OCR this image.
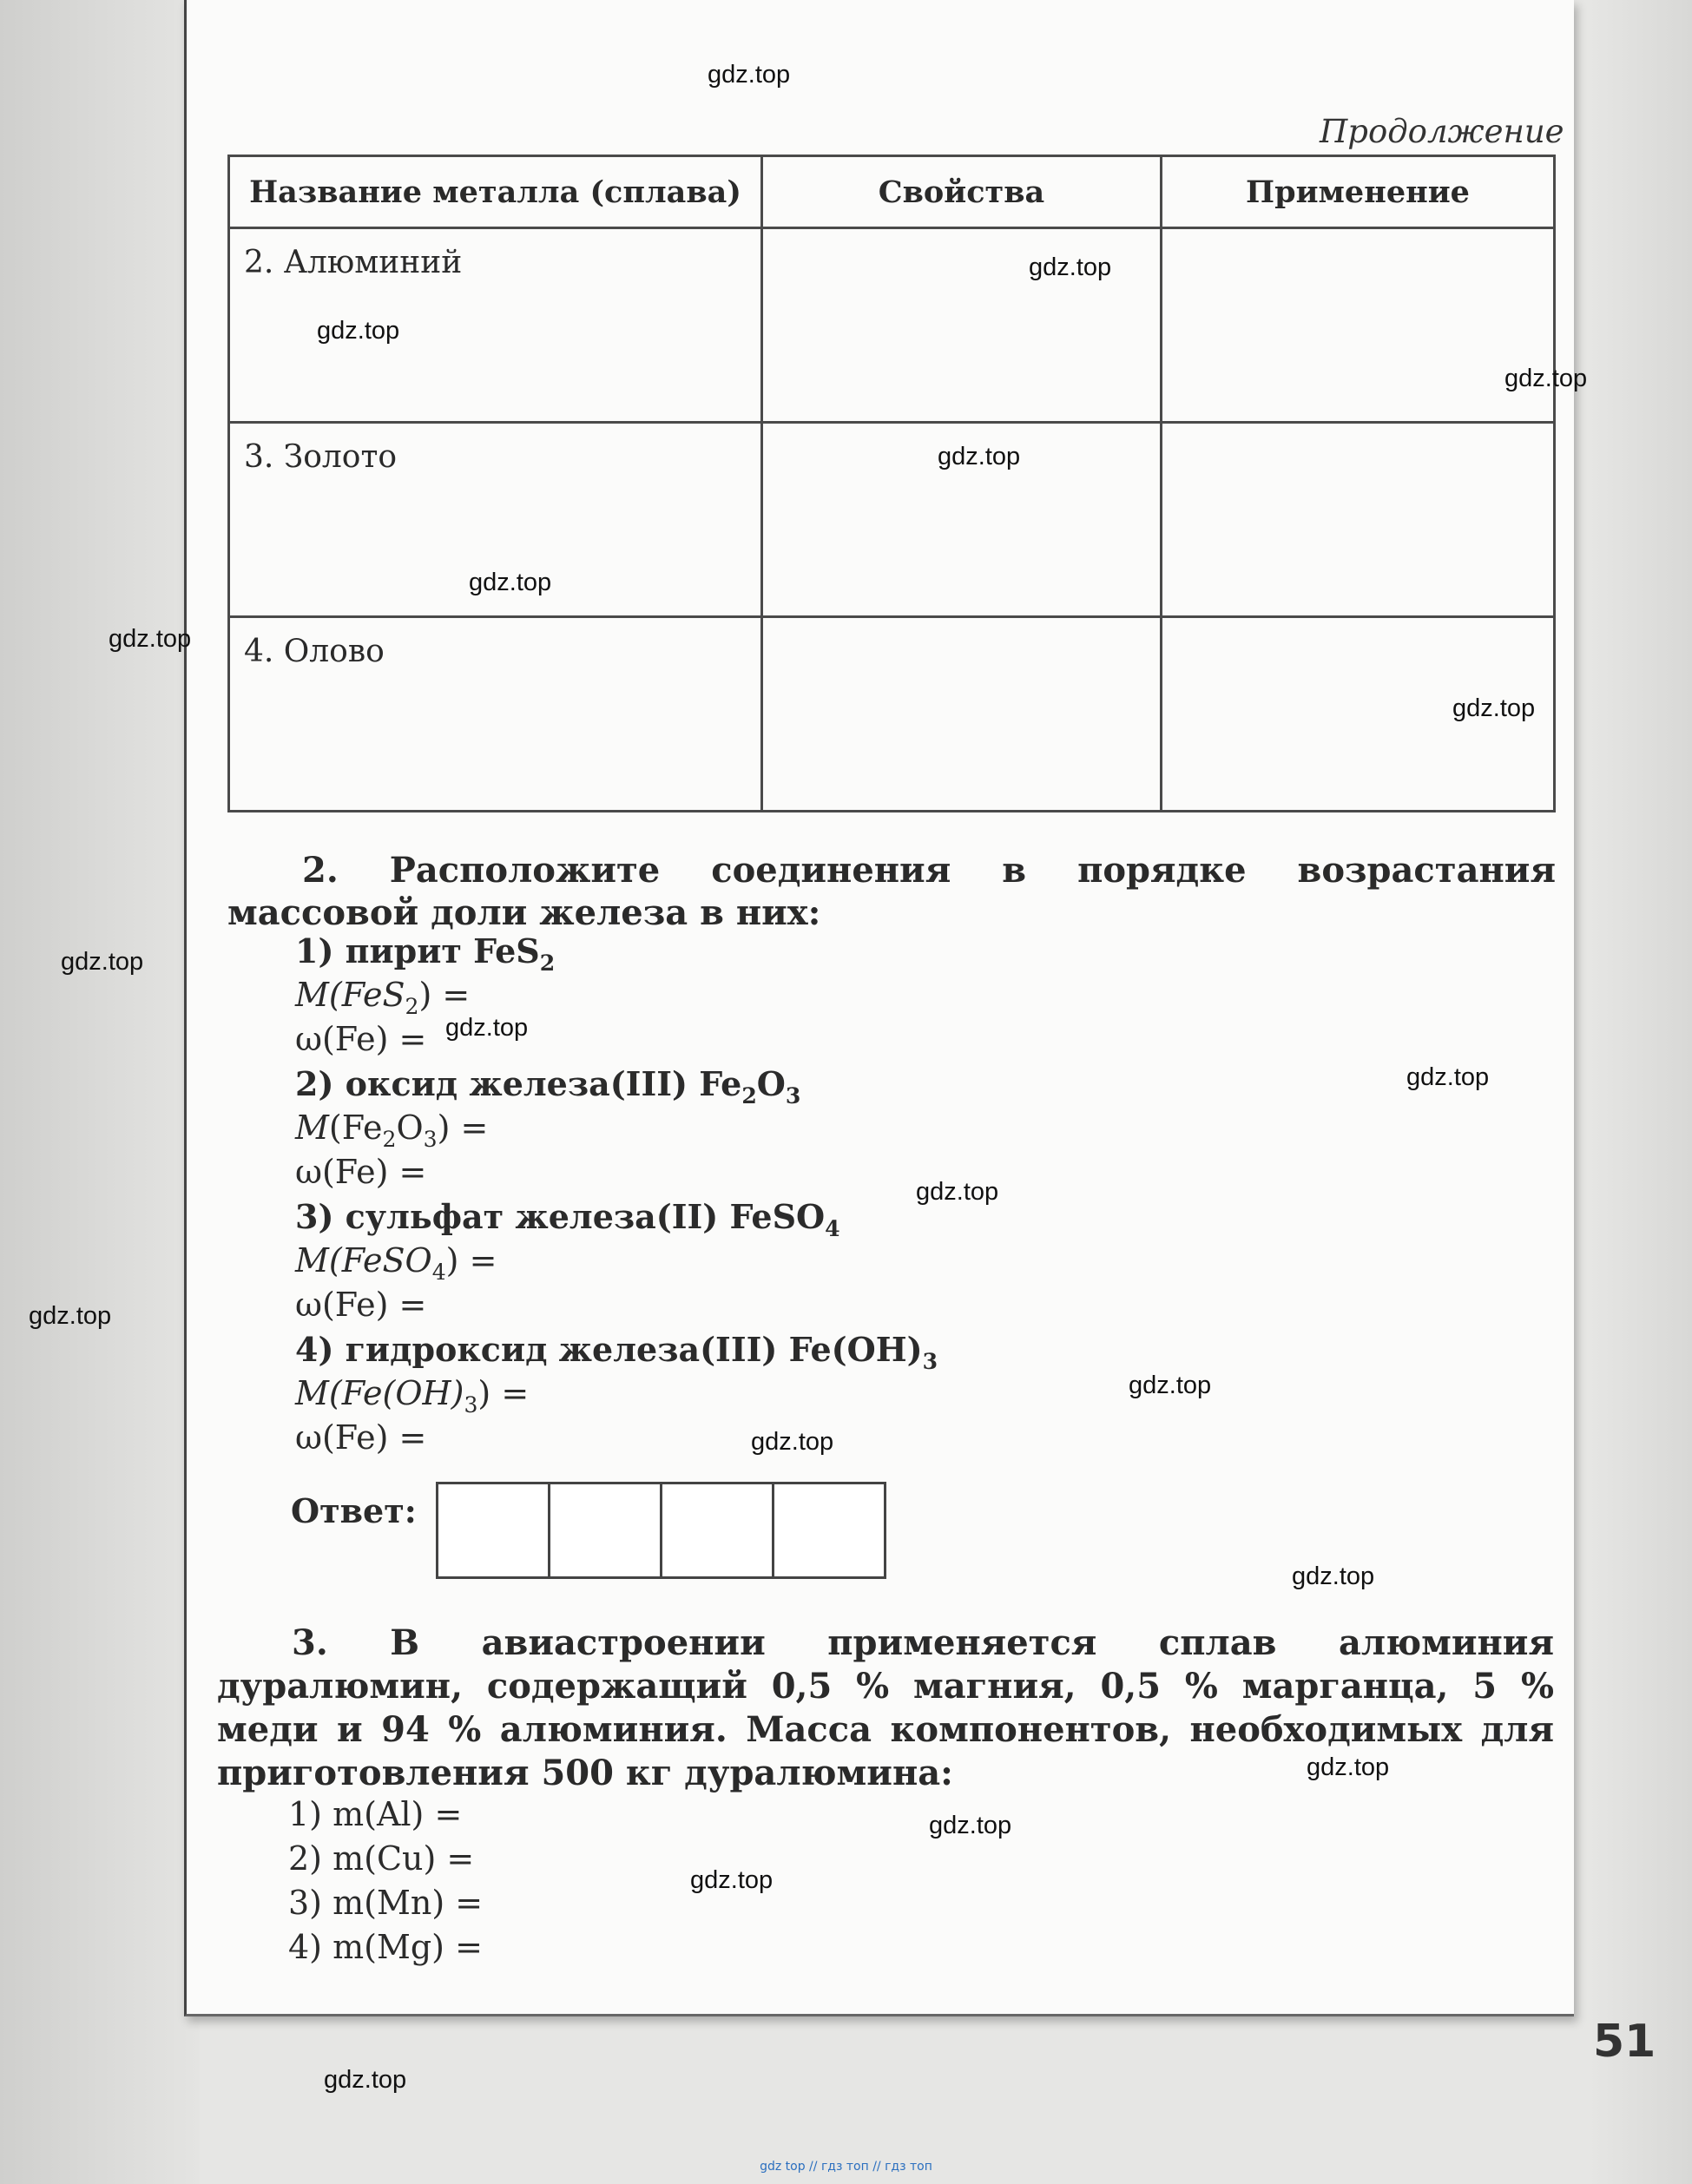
Продолжение
Название металла (сплава)	Свойства	Применение
2. Алюминий		
3. Золото		
4. Олово		
2. Расположите соединения в порядке возрастания массовой доли железа в них:
1) пирит FeS$_2$
M(FeS$_2$) =
ω(Fe) =
2) оксид железа(III) $Fe_2O_3$
$M(Fe_2O_3)$ =
ω(Fe) =
3) сульфат железа(II) FeSO$_4$
M(FeSO$_4$) =
ω(Fe) =
4) гидроксид железа(III) $Fe(OH)_3$
$M(Fe(OH)_3)$ =
ω(Fe) =
Ответ:
3. В авиастроении применяется сплав алюминия дуралюмин, содержащий 0,5 % магния, 0,5 % марганца, 5 % меди и 94 % алюминия. Масса компонентов, необходимых для приготовления 500 кг дуралюмина:
1) m(Al) =
2) m(Cu) =
3) m(Mn) =
4) m(Mg) =
51
gdz.top
gdz.top
gdz.top
gdz.top
gdz.top
gdz.top
gdz.top
gdz.top
gdz.top
gdz.top
gdz.top
gdz.top
gdz.top
gdz.top
gdz.top
gdz.top
gdz.top
gdz.top
gdz.top
gdz.top
gdz top // гдз топ // гдз топ
